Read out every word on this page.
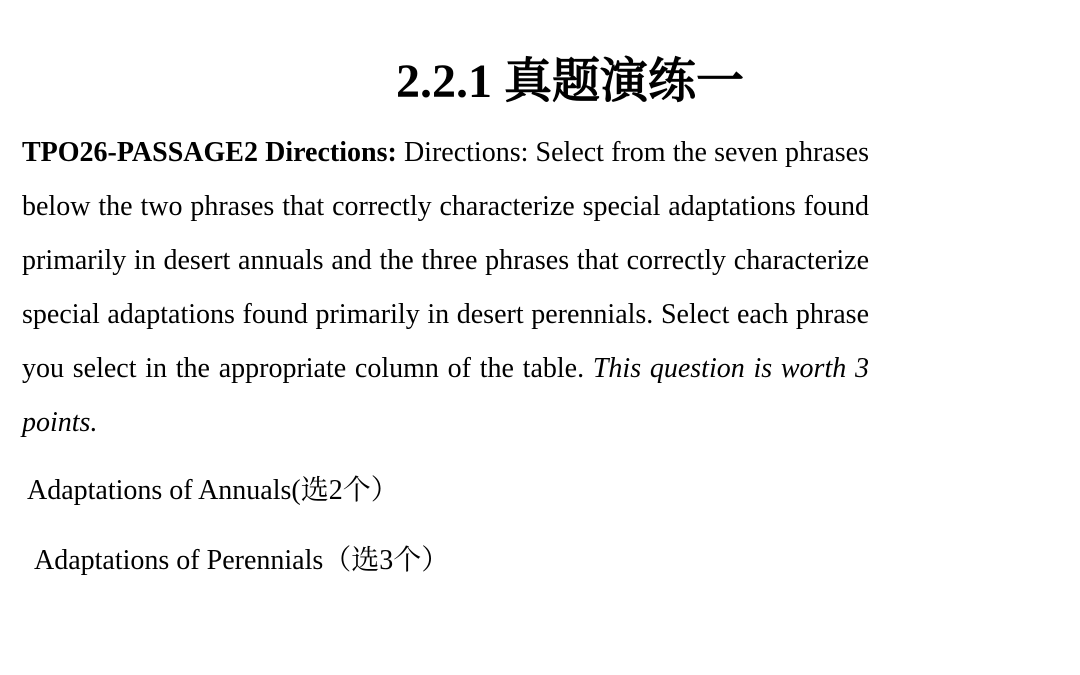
2.2.1 真题演练一

TPO26-PASSAGE2 Directions: Directions: Select from the seven phrases below the two phrases that correctly characterize special adaptations found primarily in desert annuals and the three phrases that correctly characterize special adaptations found primarily in desert perennials. Select each phrase you select in the appropriate column of the table. This question is worth 3 points.

Adaptations of Annuals(选2个）
Adaptations of Perennials（选3个）
